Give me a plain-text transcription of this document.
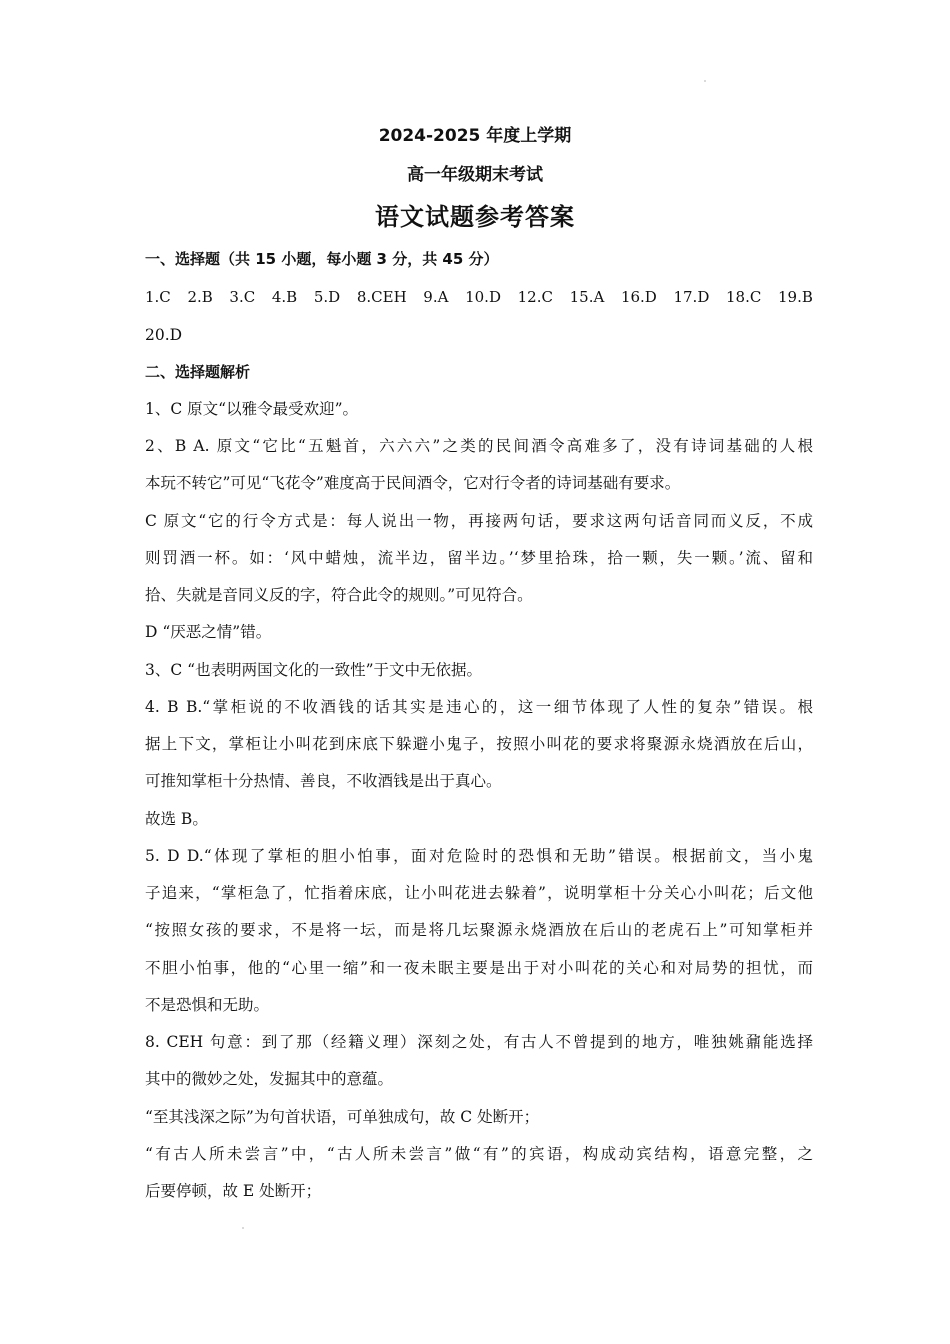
2024-2025 年度上学期
高一年级期末考试
语文试题参考答案
一、选择题（共 15 小题，每小题 3 分，共 45 分）
1.C 2.B 3.C 4.B 5.D 8.CEH 9.A 10.D 12.C 15.A 16.D 17.D 18.C 19.B
20.D
二、选择题解析
1、C 原文“以雅令最受欢迎”。
2、B A. 原文“它比“五魁首，六六六”之类的民间酒令高难多了，没有诗词基础的人根
本玩不转它”可见“飞花令”难度高于民间酒令，它对行令者的诗词基础有要求。
C 原文“它的行令方式是：每人说出一物，再接两句话，要求这两句话音同而义反，不成
则罚酒一杯。如：‘风中蜡烛，流半边，留半边。’‘梦里拾珠，拾一颗，失一颗。’流、留和
拾、失就是音同义反的字，符合此令的规则。”可见符合。
D “厌恶之情”错。
3、C “也表明两国文化的一致性”于文中无依据。
4. B B.“掌柜说的不收酒钱的话其实是违心的，这一细节体现了人性的复杂”错误。根
据上下文，掌柜让小叫花到床底下躲避小鬼子，按照小叫花的要求将聚源永烧酒放在后山，
可推知掌柜十分热情、善良，不收酒钱是出于真心。
故选 B。
5. D D.“体现了掌柜的胆小怕事，面对危险时的恐惧和无助”错误。根据前文，当小鬼
子追来，“掌柜急了，忙指着床底，让小叫花进去躲着”，说明掌柜十分关心小叫花；后文他
“按照女孩的要求，不是将一坛，而是将几坛聚源永烧酒放在后山的老虎石上”可知掌柜并
不胆小怕事，他的“心里一缩”和一夜未眠主要是出于对小叫花的关心和对局势的担忧，而
不是恐惧和无助。
8. CEH 句意：到了那（经籍义理）深刻之处，有古人不曾提到的地方，唯独姚鼐能选择
其中的微妙之处，发掘其中的意蕴。
“至其浅深之际”为句首状语，可单独成句，故 C 处断开；
“有古人所未尝言”中，“古人所未尝言”做“有”的宾语，构成动宾结构，语意完整，之
后要停顿，故 E 处断开；
